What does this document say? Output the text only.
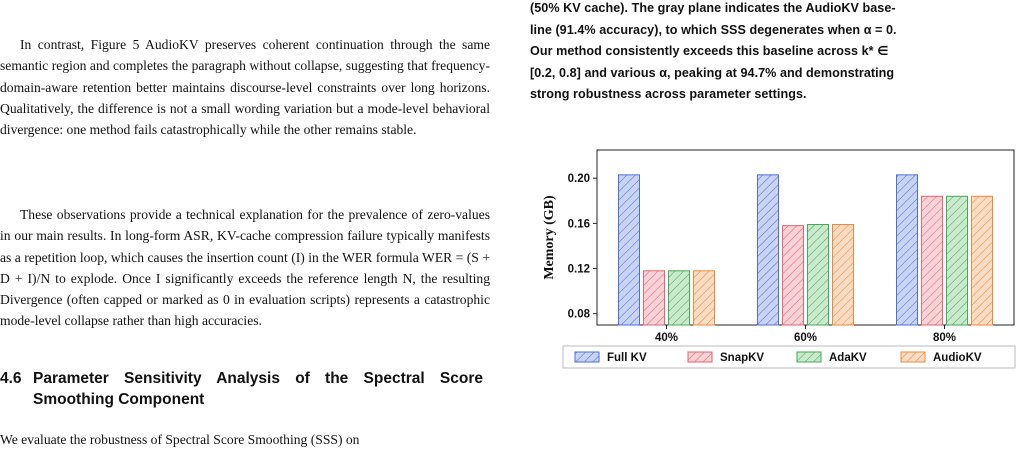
In contrast, Figure 5 AudioKV preserves coherent continuation through the same semantic region and completes the paragraph without collapse, suggesting that frequency-domain-aware retention better maintains discourse-level constraints over long horizons. Qualitatively, the difference is not a small wording variation but a mode-level behavioral divergence: one method fails catastrophically while the other remains stable.

These observations provide a technical explanation for the prevalence of zero-values in our main results. In long-form ASR, KV-cache compression failure typically manifests as a repetition loop, which causes the insertion count (I) in the WER formula WER = (S + D + I)/N to explode. Once I significantly exceeds the reference length N, the resulting Divergence (often capped or marked as 0 in evaluation scripts) represents a catastrophic mode-level collapse rather than high accuracies.

4.6 Parameter Sensitivity Analysis of the Spectral Score Smoothing Component

We evaluate the robustness of Spectral Score Smoothing (SSS) on

(50% KV cache). The gray plane indicates the AudioKV base-
line (91.4% accuracy), to which SSS degenerates when α = 0.
Our method consistently exceeds this baseline across k* ∈
[0.2, 0.8] and various α, peaking at 94.7% and demonstrating
strong robustness across parameter settings.
0.08
0.12
0.16
0.20
Memory (GB)
40%	60%	80%
Full KV	SnapKV	AdaKV	AudioKV
